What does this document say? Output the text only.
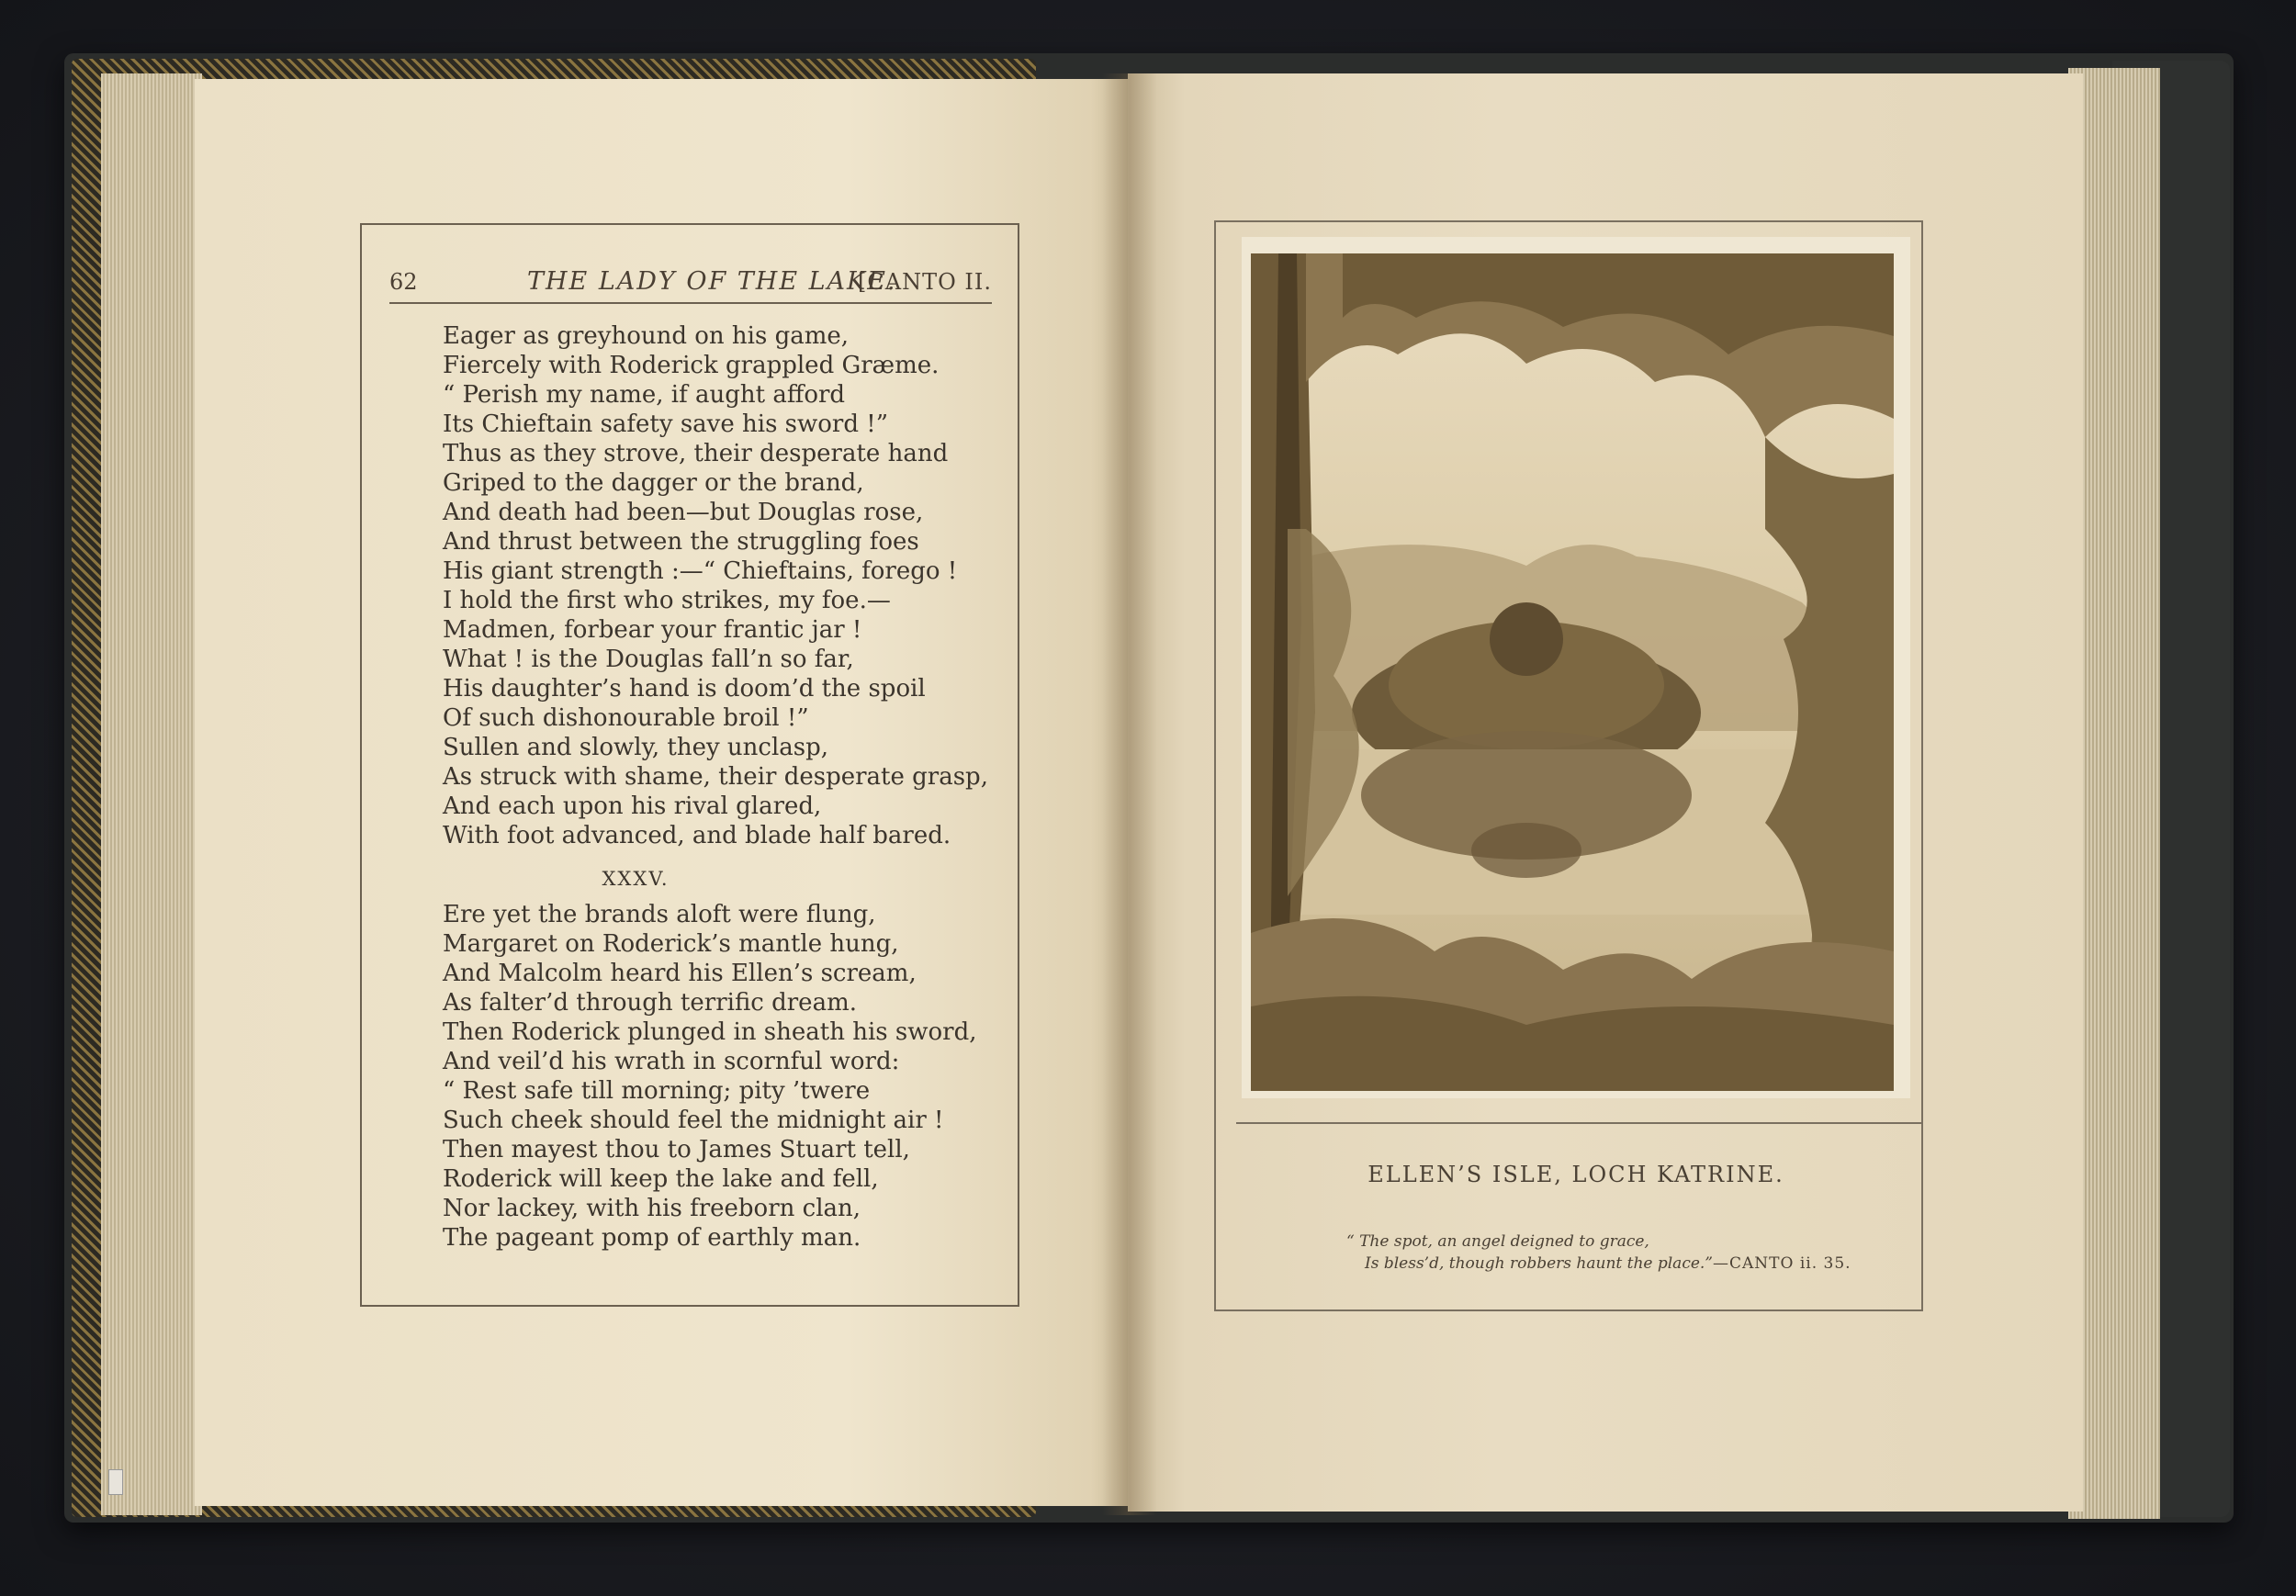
62	THE LADY OF THE LAKE.
[CANTO II.
Eager as greyhound on his game,
Fiercely with Roderick grappled Græme.
“ Perish my name, if aught afford
Its Chieftain safety save his sword !”
Thus as they strove, their desperate hand
Griped to the dagger or the brand,
And death had been—but Douglas rose,
And thrust between the struggling foes
His giant strength :—“ Chieftains, forego !
I hold the first who strikes, my foe.—
Madmen, forbear your frantic jar !
What ! is the Douglas fall’n so far,
His daughter’s hand is doom’d the spoil
Of such dishonourable broil !”
Sullen and slowly, they unclasp,
As struck with shame, their desperate grasp,
And each upon his rival glared,
With foot advanced, and blade half bared.
XXXV.
Ere yet the brands aloft were flung,
Margaret on Roderick’s mantle hung,
And Malcolm heard his Ellen’s scream,
As falter’d through terrific dream.
Then Roderick plunged in sheath his sword,
And veil’d his wrath in scornful word:
“ Rest safe till morning; pity ’twere
Such cheek should feel the midnight air !
Then mayest thou to James Stuart tell,
Roderick will keep the lake and fell,
Nor lackey, with his freeborn clan,
The pageant pomp of earthly man.
ELLEN’S ISLE, LOCH KATRINE.
“ The spot, an angel deigned to grace,
Is bless’d, though robbers haunt the place.”—CANTO ii. 35.
